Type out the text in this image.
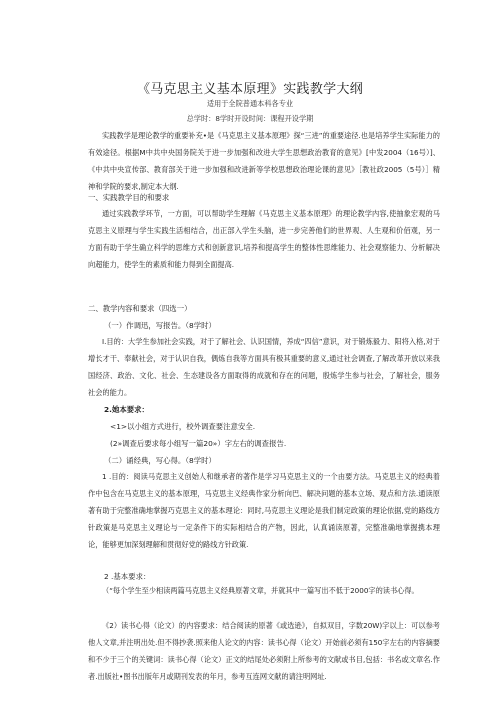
《马克思主义基本原理》实践教学大纲
适用于全院普通本科各专业
总学时：8学时开设时间：课程开设学期
实践教学是理论教学的重要补充•是《马克思主义基本原理》探“三进”的重要途径.也是培养学生实际能力的有效途径。根据M中共中央国务院关于进一步加强和改进大学生思想政治教育的意见》[中发2004（16号）]、《中共中央宣传部、教育部关于进一步加强和改进新等学校思想政治理论课的意见》［教社政2005（5号）］精神和学院的要求,制定本大纲.
一、实践教学目的和要求
通过实践教学环节，一方面，可以帮助学生理解《马克思主义基本原理》的理论教学内容,使抽象宏观的马克思主义原理与学生实践生活相结合，出正部入学生头脑，进一步完善他们的世界观、人生观和价佰观，另一方面有助于学生确立科学的思维方式和创新意识,培养和提高学生的整体性思维能力、社会观察能力、分析解决向超能力，使学生的素质和能力得到全面提高.
二、教学内容和要求（四选一）
（一）作调迅，写报告。（8学时）
I.目的：大学生参加社会实践，对于了解社会、认识国情，养成“四信”意识，对于锻炼毅力、阳将入格,对于增长才干、奉献社会，对于认识自我，偶炼自我等方面具有极其重要的意义,通过社会调查,了解改革开放以来我国经济、政治、文化、社会、生态建设各方面取得的成就和存在的问题，殷炼学生参与社会，了解社会，服务社会的能力。
2.她本要求：
<1>以小组方式进行，校外调查要注意安全.
(2»调查后要求每小组写一篇20»）字左右的调查报告.
（二）诵经典，写心得。（8学时）
1 .目的：阅读马克思主义创始人和继承者的著作是学习马克思主义的一个由要方法。马克思主义的经典着作中包含在马克思主义的基本原理，马克思主义经典作家分析向巴、解决问题的基本立场、观点和方法.通读原著有助于完整准确地掌握巧克思主义的基本理论：同时,马克思主义理论是我们制定政策的理论依据,党的路线方针政策是马克思主义理论与一定条件下的实际相结合的产物，因此，认真诵读原著，完整准确地掌握携本理论，能够更加深刻理解和贯彻好党的路线方针政策.
2 .基本要求：
（“每个学生至少相读两篇马克思主义经典原著文章，并就其中一篇写出不低于2000字的读书心得。
《2）读书心得（论文）的内容要求：结合阅读的原著《或选逊》，自拟双目，字数20W)字以上：可以参考他人文章,并注明出处.但不得抄袭.照来他人论文的内容：读书心得（论文）开始前必须有150字左右的内容摘要和不少于三个的关键词：读书心得（论文）正文的结尾处必须附上所参考的文献或书目,包括：书名或文章名.作者.出版社•图书出版年月或期刊发表的年月，参考互连网文献的请注明网址.
